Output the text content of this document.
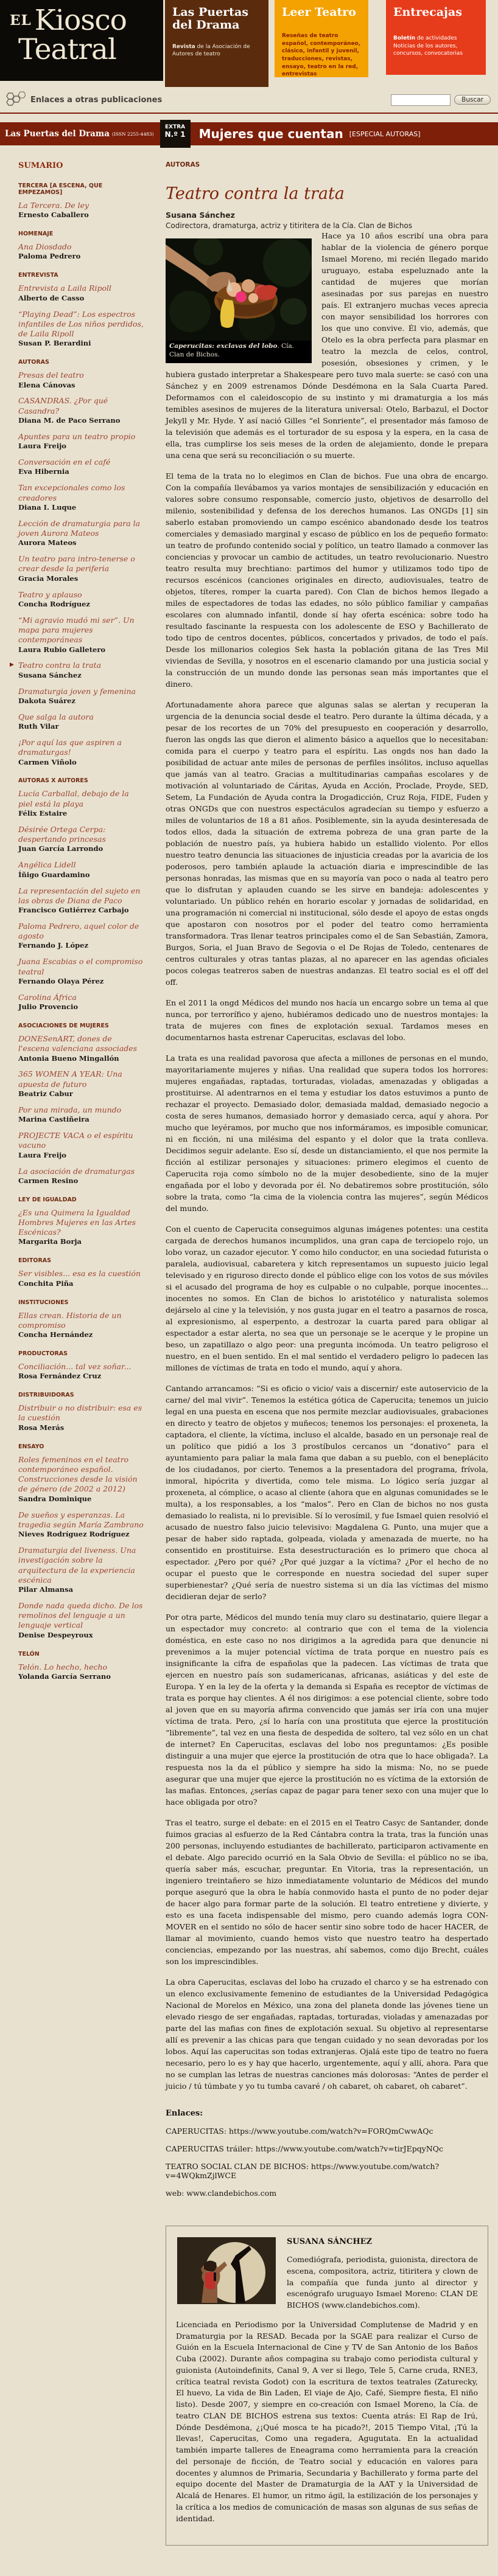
EL Kiosco
Teatral
Las Puertas del Drama
Revista de la Asociación de Autores de teatro
Leer Teatro
Reseñas de teatro español, contemporáneo, clásico, infantil y juvenil, traducciones, revistas, ensayo, teatro en la red, entrevistas
Entrecajas
Boletín de actividades Noticias de los autores, concursos, convocatorias
Enlaces a otras publicaciones	Buscar
Las Puertas del Drama (ISSN 2255-4483)
EXTRA
N.º 1	Mujeres que cuentan [ESPECIAL AUTORAS]
SUMARIO
TERCERA [A ESCENA, QUE EMPEZAMOS]
La Tercera. De ley
Ernesto Caballero
HOMENAJE
Ana Diosdado
Paloma Pedrero
ENTREVISTA
Entrevista a Laila Ripoll
Alberto de Casso
“Playing Dead”: Los espectros infantiles de Los niños perdidos, de Laila Ripoll
Susan P. Berardini
AUTORAS
Presas del teatro
Elena Cánovas
CASANDRAS. ¿Por qué Casandra?
Diana M. de Paco Serrano
Apuntes para un teatro propio
Laura Freijo
Conversación en el café
Eva Hibernia
Tan excepcionales como los creadores
Diana I. Luque
Lección de dramaturgia para la joven Aurora Mateos
Aurora Mateos
Un teatro para intro-tenerse o crear desde la periferia
Gracia Morales
Teatro y aplauso
Concha Rodríguez
“Mi agravio mudó mi ser”. Un mapa para mujeres contemporáneas
Laura Rubio Galletero
▶ Teatro contra la trata
Susana Sánchez
Dramaturgia joven y femenina
Dakota Suárez
Que salga la autora
Ruth Vilar
¡Por aquí las que aspiren a dramaturgas!
Carmen Viñolo
AUTORAS X AUTORES
Lucía Carballal, debajo de la piel está la playa
Félix Estaire
Désirée Ortega Cerpa: despertando princesas
Juan García Larrondo
Angélica Lidell
Íñigo Guardamino
La representación del sujeto en las obras de Diana de Paco
Francisco Gutiérrez Carbajo
Paloma Pedrero, aquel color de agosto
Fernando J. López
Juana Escabias o el compromiso teatral
Fernando Olaya Pérez
Carolina África
Julio Provencio
ASOCIACIONES DE MUJERES
DONESenART, dones de l'escena valenciana associades
Antonia Bueno Mingallón
365 WOMEN A YEAR: Una apuesta de futuro
Beatriz Cabur
Por una mirada, un mundo
Marina Castiñeira
PROJECTE VACA o el espíritu vacuno
Laura Freijo
La asociación de dramaturgas
Carmen Resino
LEY DE IGUALDAD
¿Es una Quimera la Igualdad Hombres Mujeres en las Artes Escénicas?
Margarita Borja
EDITORAS
Ser visibles... esa es la cuestión
Conchita Piña
INSTITUCIONES
Ellas crean. Historia de un compromiso
Concha Hernández
PRODUCTORAS
Conciliación... tal vez soñar...
Rosa Fernández Cruz
DISTRIBUIDORAS
Distribuir o no distribuir: esa es la cuestión
Rosa Merás
ENSAYO
Roles femeninos en el teatro contemporáneo español. Construcciones desde la visión de género (de 2002 a 2012)
Sandra Dominique
De sueños y esperanzas. La tragedia según María Zambrano
Nieves Rodríguez Rodríguez
Dramaturgia del liveness. Una investigación sobre la arquitectura de la experiencia escénica
Pilar Almansa
Donde nada queda dicho. De los remolinos del lenguaje a un lenguaje vertical
Denise Despeyroux
TELÓN
Telón. Lo hecho, hecho
Yolanda García Serrano
AUTORAS
Teatro contra la trata
Susana Sánchez
Codirectora, dramaturga, actriz y titiritera de la Cía. Clan de Bichos
Caperucitas: exclavas del lobo. Cía. Clan de Bichos.

Hace ya 10 años escribí una obra para hablar de la violencia de género porque Ismael Moreno, mi recién llegado marido uruguayo, estaba espeluznado ante la cantidad de mujeres que morían asesinadas por sus parejas en nuestro país. El extranjero muchas veces aprecia con mayor sensibilidad los horrores con los que uno convive. Él vio, además, que Otelo es la obra perfecta para plasmar en teatro la mezcla de celos, control, posesión, obsesiones y crimen, y le hubiera gustado interpretar a Shakespeare pero tuvo mala suerte: se casó con una Sánchez y en 2009 estrenamos Dónde Desdémona en la Sala Cuarta Pared. Deformamos con el caleidoscopio de su instinto y mi dramaturgia a los más temibles asesinos de mujeres de la literatura universal: Otelo, Barbazul, el Doctor Jekyll y Mr. Hyde. Y así nació Gilles “el Sonriente”, el presentador más famoso de la televisión que además es el torturador de su esposa y la espera, en la casa de ella, tras cumplirse los seis meses de la orden de alejamiento, donde le prepara una cena que será su reconciliación o su muerte.

El tema de la trata no lo elegimos en Clan de bichos. Fue una obra de encargo. Con la compañía llevábamos ya varios montajes de sensibilización y educación en valores sobre consumo responsable, comercio justo, objetivos de desarrollo del milenio, sostenibilidad y defensa de los derechos humanos. Las ONGDs [1] sin saberlo estaban promoviendo un campo escénico abandonado desde los teatros comerciales y demasiado marginal y escaso de público en los de pequeño formato: un teatro de profundo contenido social y político, un teatro llamado a conmover las conciencias y provocar un cambio de actitudes, un teatro revolucionario. Nuestro teatro resulta muy brechtiano: partimos del humor y utilizamos todo tipo de recursos escénicos (canciones originales en directo, audiovisuales, teatro de objetos, títeres, romper la cuarta pared). Con Clan de bichos hemos llegado a miles de espectadores de todas las edades, no sólo público familiar y campañas escolares con alumnado infantil, donde sí hay oferta escénica: sobre todo ha resultado fascinante la respuesta con los adolescente de ESO y Bachillerato de todo tipo de centros docentes, públicos, concertados y privados, de todo el país. Desde los millonarios colegios Sek hasta la población gitana de las Tres Mil viviendas de Sevilla, y nosotros en el escenario clamando por una justicia social y la construcción de un mundo donde las personas sean más importantes que el dinero.

Afortunadamente ahora parece que algunas salas se alertan y recuperan la urgencia de la denuncia social desde el teatro. Pero durante la última década, y a pesar de los recortes de un 70% del presupuesto en cooperación y desarrollo, fueron las ongds las que dieron el alimento básico a aquellos que lo necesitaban: comida para el cuerpo y teatro para el espíritu. Las ongds nos han dado la posibilidad de actuar ante miles de personas de perfiles insólitos, incluso aquellas que jamás van al teatro. Gracias a multitudinarias campañas escolares y de motivación al voluntariado de Cáritas, Ayuda en Acción, Proclade, Proyde, SED, Setem, La Fundación de Ayuda contra la Drogadicción, Cruz Roja, FIDE, Fuden y otras ONGDs que con nuestros espectáculos agradecían su tiempo y esfuerzo a miles de voluntarios de 18 a 81 años. Posiblemente, sin la ayuda desinteresada de todos ellos, dada la situación de extrema pobreza de una gran parte de la población de nuestro país, ya hubiera habido un estallido violento. Por ellos nuestro teatro denuncia las situaciones de injusticia creadas por la avaricia de los poderosos, pero también aplaude la actuación diaria e imprescindible de las personas honradas, las mismas que en su mayoría van poco o nada al teatro pero que lo disfrutan y aplauden cuando se les sirve en bandeja: adolescentes y voluntariado. Un público rehén en horario escolar y jornadas de solidaridad, en una programación ni comercial ni institucional, sólo desde el apoyo de estas ongds que apostaron con nosotros por el poder del teatro como herramienta transformadora. Tras llenar teatros principales como el de San Sebastián, Zamora, Burgos, Soria, el Juan Bravo de Segovia o el De Rojas de Toledo, centenares de centros culturales y otras tantas plazas, al no aparecer en las agendas oficiales pocos colegas teatreros saben de nuestras andanzas. El teatro social es el off del off.

En el 2011 la ongd Médicos del mundo nos hacía un encargo sobre un tema al que nunca, por terrorífico y ajeno, hubiéramos dedicado uno de nuestros montajes: la trata de mujeres con fines de explotación sexual. Tardamos meses en documentarnos hasta estrenar Caperucitas, esclavas del lobo.

La trata es una realidad pavorosa que afecta a millones de personas en el mundo, mayoritariamente mujeres y niñas. Una realidad que supera todos los horrores: mujeres engañadas, raptadas, torturadas, violadas, amenazadas y obligadas a prostituirse. Al adentrarnos en el tema y estudiar los datos estuvimos a punto de rechazar el proyecto. Demasiado dolor, demasiada maldad, demasiado negocio a costa de seres humanos, demasiado horror y demasiado cerca, aquí y ahora. Por mucho que leyéramos, por mucho que nos informáramos, es imposible comunicar, ni en ficción, ni una milésima del espanto y el dolor que la trata conlleva. Decidimos seguir adelante. Eso sí, desde un distanciamiento, el que nos permite la ficción al estilizar personajes y situaciones: primero elegimos el cuento de Caperucita roja como símbolo no de la mujer desobediente, sino de la mujer engañada por el lobo y devorada por él. No debatiremos sobre prostitución, sólo sobre la trata, como “la cima de la violencia contra las mujeres”, según Médicos del mundo.

Con el cuento de Caperucita conseguimos algunas imágenes potentes: una cestita cargada de derechos humanos incumplidos, una gran capa de terciopelo rojo, un lobo voraz, un cazador ejecutor. Y como hilo conductor, en una sociedad futurista o paralela, audiovisual, cabaretera y kitch representamos un supuesto juicio legal televisado y en riguroso directo donde el público elige con los votos de sus móviles si el acusado del programa de hoy es culpable o no culpable, porque inocentes... inocentes no somos. En Clan de bichos lo aristotélico y naturalista solemos dejárselo al cine y la televisión, y nos gusta jugar en el teatro a pasarnos de rosca, al expresionismo, al esperpento, a destrozar la cuarta pared para obligar al espectador a estar alerta, no sea que un personaje se le acerque y le propine un beso, un zapatillazo o algo peor: una pregunta incómoda. Un teatro peligroso el nuestro, en el buen sentido. En el mal sentido el verdadero peligro lo padecen las millones de víctimas de trata en todo el mundo, aquí y ahora.

Cantando arrancamos: “Si es oficio o vicio/ vais a discernir/ este autoservicio de la carne/ del mal vivir”. Tenemos la estética gótica de Caperucita; tenemos un juicio legal en una puesta en escena que nos permite mezclar audiovisuales, grabaciones en directo y teatro de objetos y muñecos; tenemos los personajes: el proxeneta, la captadora, el cliente, la víctima, incluso el alcalde, basado en un personaje real de un político que pidió a los 3 prostíbulos cercanos un “donativo” para el ayuntamiento para paliar la mala fama que daban a su pueblo, con el beneplácito de los ciudadanos, por cierto. Tenemos a la presentadora del programa, frívola, inmoral, hipócrita y divertida, como tele misma. Lo lógico sería juzgar al proxeneta, al cómplice, o acaso al cliente (ahora que en algunas comunidades se le multa), a los responsables, a los “malos”. Pero en Clan de bichos no nos gusta demasiado lo realista, ni lo previsible. Sí lo verosímil, y fue Ismael quien resolvió el acusado de nuestro falso juicio televisivo: Magdalena G. Punto, una mujer que a pesar de haber sido raptada, golpeada, violada y amenazada de muerte, no ha consentido en prostituirse. Esta desestructuración es lo primero que choca al espectador. ¿Pero por qué? ¿Por qué juzgar a la víctima? ¿Por el hecho de no ocupar el puesto que le corresponde en nuestra sociedad del super super superbienestar? ¿Qué sería de nuestro sistema si un día las víctimas del mismo decidieran dejar de serlo?

Por otra parte, Médicos del mundo tenía muy claro su destinatario, quiere llegar a un espectador muy concreto: al contrario que con el tema de la violencia doméstica, en este caso no nos dirigimos a la agredida para que denuncie ni prevenimos a la mujer potencial víctima de trata porque en nuestro país es insignificante la cifra de españolas que la padecen. Las víctimas de trata que ejercen en nuestro país son sudamericanas, africanas, asiáticas y del este de Europa. Y en la ley de la oferta y la demanda si España es receptor de víctimas de trata es porque hay clientes. A él nos dirigimos: a ese potencial cliente, sobre todo al joven que en su mayoría afirma convencido que jamás ser iría con una mujer víctima de trata. Pero, ¿sí lo haría con una prostituta que ejerce la prostitución “libremente”, tal vez en una fiesta de despedida de soltero, tal vez sólo en un chat de internet? En Caperucitas, esclavas del lobo nos preguntamos: ¿Es posible distinguir a una mujer que ejerce la prostitución de otra que lo hace obligada?. La respuesta nos la da el público y siempre ha sido la misma: No, no se puede asegurar que una mujer que ejerce la prostitución no es víctima de la extorsión de las mafias. Entonces, ¿serías capaz de pagar para tener sexo con una mujer que lo hace obligada por otro?

Tras el teatro, surge el debate: en el 2015 en el Teatro Casyc de Santander, donde fuimos gracias al esfuerzo de la Red Cántabra contra la trata, tras la función unas 200 personas, incluyendo estudiantes de bachillerato, participaron activamente en el debate. Algo parecido ocurrió en la Sala Obvio de Sevilla: el público no se iba, quería saber más, escuchar, preguntar. En Vitoria, tras la representación, un ingeniero treintañero se hizo inmediatamente voluntario de Médicos del mundo porque aseguró que la obra le había conmovido hasta el punto de no poder dejar de hacer algo para formar parte de la solución. El teatro entretiene y divierte, y esto es una faceta indispensable del mismo, pero cuando además logra CON-MOVER en el sentido no sólo de hacer sentir sino sobre todo de hacer HACER, de llamar al movimiento, cuando hemos visto que nuestro teatro ha despertado conciencias, empezando por las nuestras, ahí sabemos, como dijo Brecht, cuáles son los imprescindibles.

La obra Caperucitas, esclavas del lobo ha cruzado el charco y se ha estrenado con un elenco exclusivamente femenino de estudiantes de la Universidad Pedagógica Nacional de Morelos en México, una zona del planeta donde las jóvenes tiene un elevado riesgo de ser engañadas, raptadas, torturadas, violadas y amenazadas por parte del las mafias con fines de explotación sexual. Su objetivo al representarse allí es prevenir a las chicas para que tengan cuidado y no sean devoradas por los lobos. Aquí las caperucitas son todas extranjeras. Ojalá este tipo de teatro no fuera necesario, pero lo es y hay que hacerlo, urgentemente, aquí y allí, ahora. Para que no se cumplan las letras de nuestras canciones más dolorosas: “Antes de perder el juicio / tú túmbate y yo tu tumba cavaré / oh cabaret, oh cabaret, oh cabaret”.

Enlaces:
CAPERUCITAS: https://www.youtube.com/watch?v=FORQmCwwAQc
CAPERUCITAS tráiler: https://www.youtube.com/watch?v=tirJEpqyNQc
TEATRO SOCIAL CLAN DE BICHOS: https://www.youtube.com/watch?v=4WQkmZjlWCE
web: www.clandebichos.com
SUSANA SÁNCHEZ

Comediógrafa, periodista, guionista, directora de escena, compositora, actriz, titiritera y clown de la compañía que funda junto al director y escenógrafo uruguayo Ismael Moreno: CLAN DE BICHOS (www.clandebichos.com).

Licenciada en Periodismo por la Universidad Complutense de Madrid y en Dramaturgia por la RESAD. Becada por la SGAE para realizar el Curso de Guión en la Escuela Internacional de Cine y TV de San Antonio de los Baños Cuba (2002). Durante años compagina su trabajo como periodista cultural y guionista (Autoindefinits, Canal 9, A ver si llego, Tele 5, Carne cruda, RNE3, crítica teatral revista Godot) con la escritura de textos teatrales (Zaturecky, El huevo, La vida de Bin Laden, El viaje de Ajo, Café, Siempre fiesta, El niño listo). Desde 2007, y siempre en co-creación con Ismael Moreno, la Cía. de teatro CLAN DE BICHOS estrena sus textos: Cuenta atrás: El Rap de Irú, Dónde Desdémona, ¿¡Qué mosca te ha picado?!, 2015 Tiempo Vital, ¡Tú la llevas!, Caperucitas, Como una regadera, Agugutata. En la actualidad también imparte talleres de Eneagrama como herramienta para la creación del personaje de ficción, de Teatro social y educación en valores para docentes y alumnos de Primaria, Secundaria y Bachillerato y forma parte del equipo docente del Master de Dramaturgia de la AAT y la Universidad de Alcalá de Henares. El humor, un ritmo ágil, la estilización de los personajes y la crítica a los medios de comunicación de masas son algunas de sus señas de identidad.
